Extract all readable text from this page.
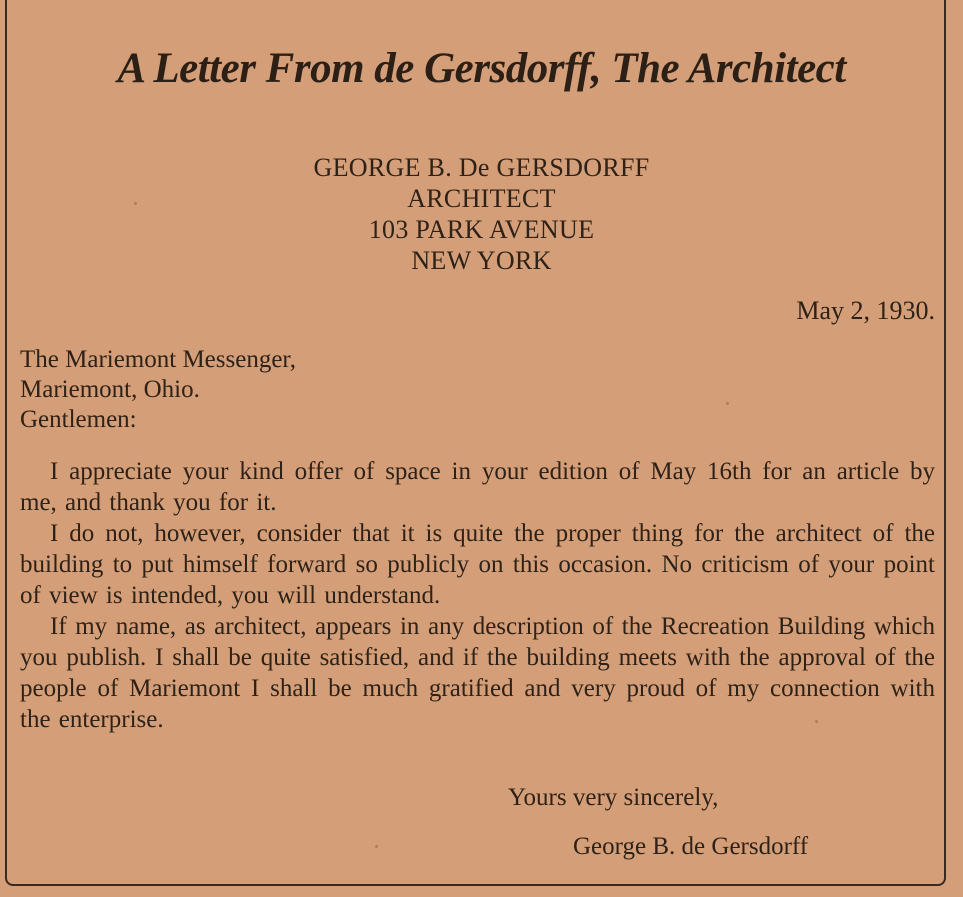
A Letter From de Gersdorff, The Architect
GEORGE B. De GERSDORFF
ARCHITECT
103 PARK AVENUE
NEW YORK
May 2, 1930.
The Mariemont Messenger,
Mariemont, Ohio.
Gentlemen:

I appreciate your kind offer of space in your edition of May 16th for an article by me, and thank you for it.

I do not, however, consider that it is quite the proper thing for the architect of the building to put himself forward so publicly on this occasion. No criticism of your point of view is intended, you will understand.

If my name, as architect, appears in any description of the Recreation Building which you publish. I shall be quite satisfied, and if the building meets with the approval of the people of Mariemont I shall be much gratified and very proud of my connection with the enterprise.

Yours very sincerely,
George B. de Gersdorff
